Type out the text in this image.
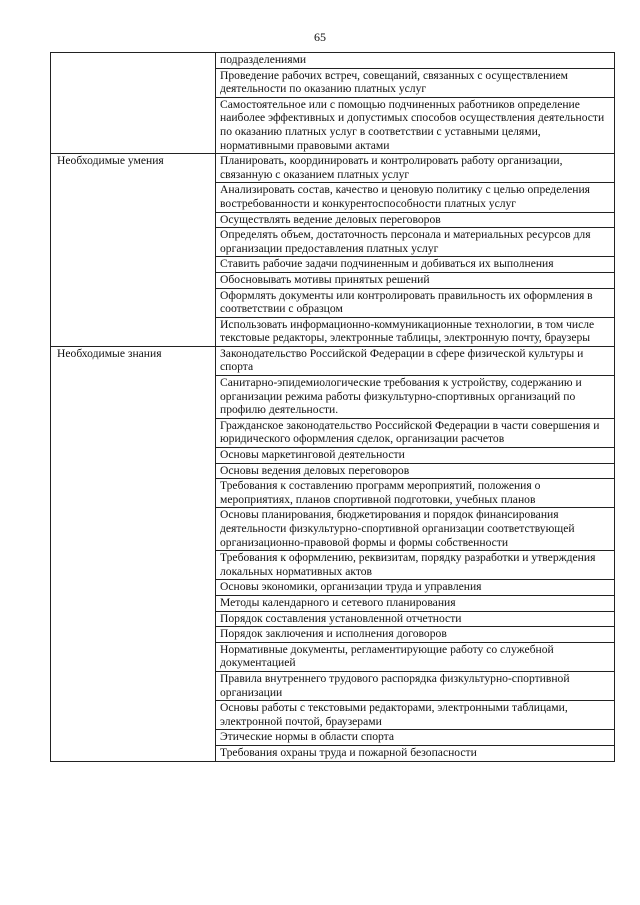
65

	подразделениями

	Проведение рабочих встреч, совещаний, связанных с осуществлением деятельности по оказанию платных услуг

	Самостоятельное или с помощью подчиненных работников определение наиболее эффективных и допустимых способов осуществления деятельности по оказанию платных услуг в соответствии с уставными целями, нормативными правовыми актами

Необходимые умения	Планировать, координировать и контролировать работу организации, связанную с оказанием платных услуг

	Анализировать состав, качество и ценовую политику с целью определения востребованности и конкурентоспособности платных услуг

	Осуществлять ведение деловых переговоров

	Определять объем, достаточность персонала и материальных ресурсов для организации предоставления платных услуг

	Ставить рабочие задачи подчиненным и добиваться их выполнения

	Обосновывать мотивы принятых решений

	Оформлять документы или контролировать правильность их оформления в соответствии с образцом

	Использовать информационно-коммуникационные технологии, в том числе текстовые редакторы, электронные таблицы, электронную почту, браузеры

Необходимые знания	Законодательство Российской Федерации в сфере физической культуры и спорта

	Санитарно-эпидемиологические требования к устройству, содержанию и организации режима работы физкультурно-спортивных организаций по профилю деятельности.

	Гражданское законодательство Российской Федерации в части совершения и юридического оформления сделок, организации расчетов

	Основы маркетинговой деятельности

	Основы ведения деловых переговоров

	Требования к составлению программ мероприятий, положения о мероприятиях, планов спортивной подготовки, учебных планов

	Основы планирования, бюджетирования и порядок финансирования деятельности физкультурно-спортивной организации соответствующей организационно-правовой формы и формы собственности

	Требования к оформлению, реквизитам, порядку разработки и утверждения локальных нормативных актов

	Основы экономики, организации труда и управления

	Методы календарного и сетевого планирования

	Порядок составления установленной отчетности

	Порядок заключения и исполнения договоров

	Нормативные документы, регламентирующие работу со служебной документацией

	Правила внутреннего трудового распорядка физкультурно-спортивной организации

	Основы работы с текстовыми редакторами, электронными таблицами, электронной почтой, браузерами

	Этические нормы в области спорта

	Требования охраны труда и пожарной безопасности
